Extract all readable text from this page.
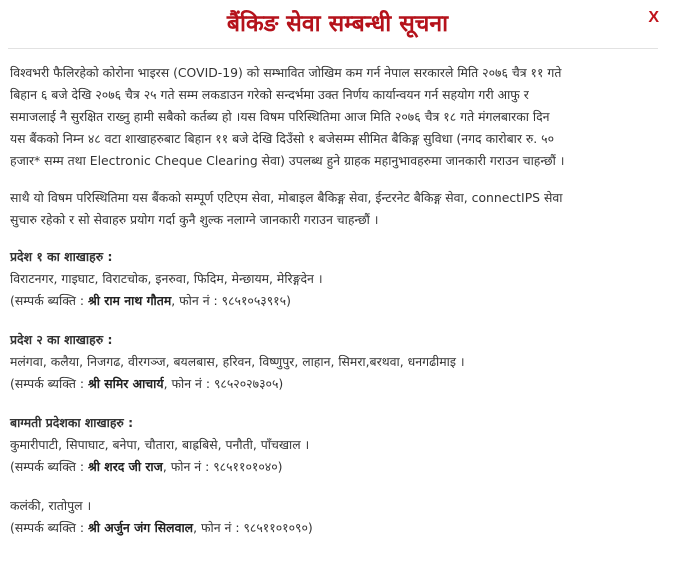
बैंकिङ सेवा सम्बन्धी सूचना	X

विश्वभरी फैलिरहेको कोरोना भाइरस (COVID-19) को सम्भावित जोखिम कम गर्न नेपाल सरकारले मिति २०७६ चैत्र ११ गते
बिहान ६ बजे देखि २०७६ चैत्र २५ गते सम्म लकडाउन गरेको सन्दर्भमा उक्त निर्णय कार्यान्वयन गर्न सहयोग गरी आफु र
समाजलाई नै सुरक्षित राख्नु हामी सबैको कर्तब्य हो ।यस विषम परिस्थितिमा आज मिति २०७६ चैत्र १८ गते मंगलबारका दिन
यस बैंकको निम्न ४८ वटा शाखाहरुबाट बिहान ११ बजे देखि दिउँसो १ बजेसम्म सीमित बैकिङ्ग सुविधा (नगद कारोबार रु. ५०
हजार* सम्म तथा Electronic Cheque Clearing सेवा) उपलब्ध हुने ग्राहक महानुभावहरुमा जानकारी गराउन चाहन्छौं ।

साथै यो विषम परिस्थितिमा यस बैंकको सम्पूर्ण एटिएम सेवा, मोबाइल बैकिङ्ग सेवा, ईन्टरनेट बैकिङ्ग सेवा, connectIPS सेवा
सुचारु रहेको र सो सेवाहरु प्रयोग गर्दा कुनै शुल्क नलाग्ने जानकारी गराउन चाहन्छौं ।

प्रदेश १ का शाखाहरु :

विराटनगर, गाइघाट, विराटचोक, इनरुवा, फिदिम, मेन्छायम, मेरिङ्गदेन ।

(सम्पर्क ब्यक्ति : श्री राम नाथ गौतम, फोन नं : ९८५१०५३९१५)

प्रदेश २ का शाखाहरु :

मलंगवा, कलैया, निजगढ, वीरगञ्ज, बयलबास, हरिवन, विष्णुपुर, लाहान, सिमरा,बरथवा, धनगढीमाइ ।

(सम्पर्क ब्यक्ति : श्री समिर आचार्य, फोन नं : ९८५२०२७३०५)

बाग्मती प्रदेशका शाखाहरु :

कुमारीपाटी, सिपाघाट, बनेपा, चौतारा, बाह्रबिसे, पनौती, पाँचखाल ।

(सम्पर्क ब्यक्ति : श्री शरद जी राज, फोन नं : ९८५११०१०४०)

कलंकी, रातोपुल ।

(सम्पर्क ब्यक्ति : श्री अर्जुन जंग सिलवाल, फोन नं : ९८५११०१०९०)
